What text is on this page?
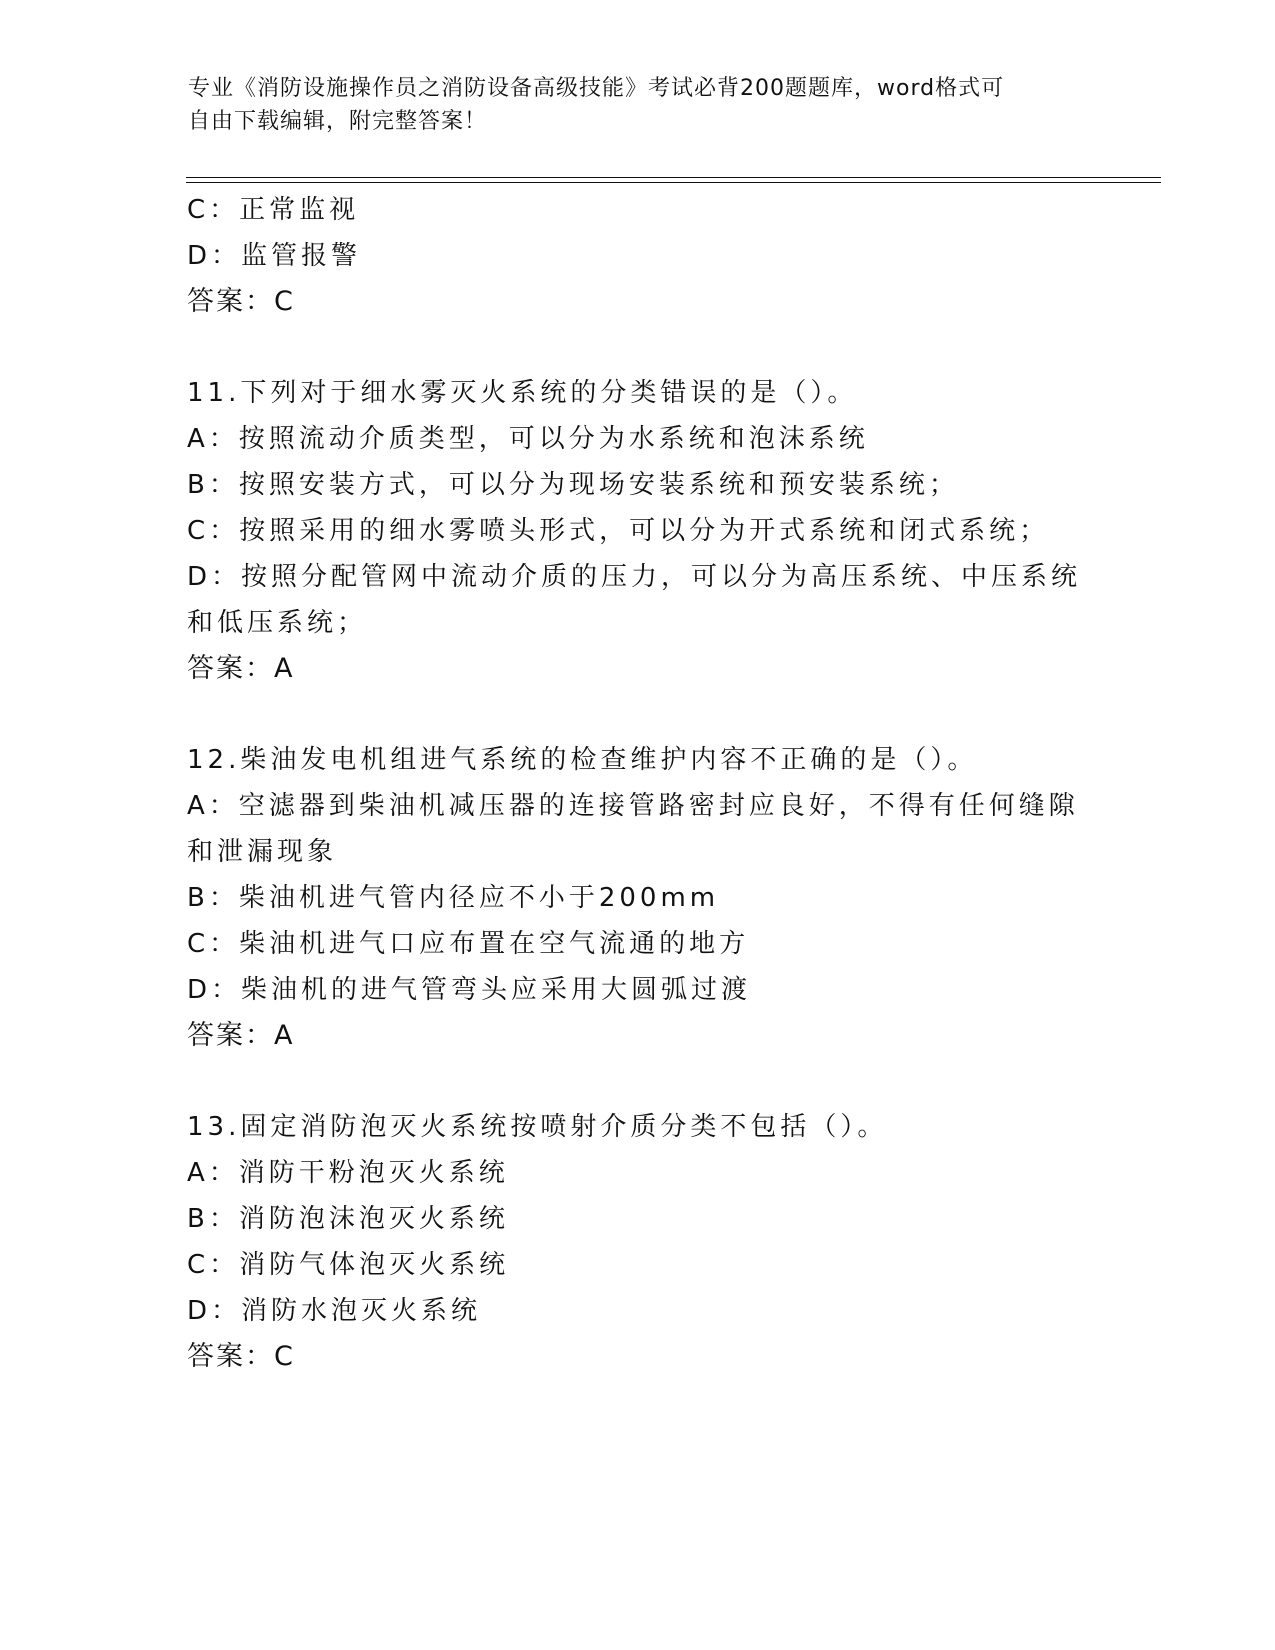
专业《消防设施操作员之消防设备高级技能》考试必背200题题库，word格式可
自由下载编辑，附完整答案！
C：正常监视
D：监管报警
答案：C
11.下列对于细水雾灭火系统的分类错误的是（）。
A：按照流动介质类型，可以分为水系统和泡沫系统
B：按照安装方式，可以分为现场安装系统和预安装系统；
C：按照采用的细水雾喷头形式，可以分为开式系统和闭式系统；
D：按照分配管网中流动介质的压力，可以分为高压系统、中压系统和低压系统；
答案：A
12.柴油发电机组进气系统的检查维护内容不正确的是（）。
A：空滤器到柴油机减压器的连接管路密封应良好，不得有任何缝隙和泄漏现象
B：柴油机进气管内径应不小于200mm
C：柴油机进气口应布置在空气流通的地方
D：柴油机的进气管弯头应采用大圆弧过渡
答案：A
13.固定消防泡灭火系统按喷射介质分类不包括（）。
A：消防干粉泡灭火系统
B：消防泡沫泡灭火系统
C：消防气体泡灭火系统
D：消防水泡灭火系统
答案：C
